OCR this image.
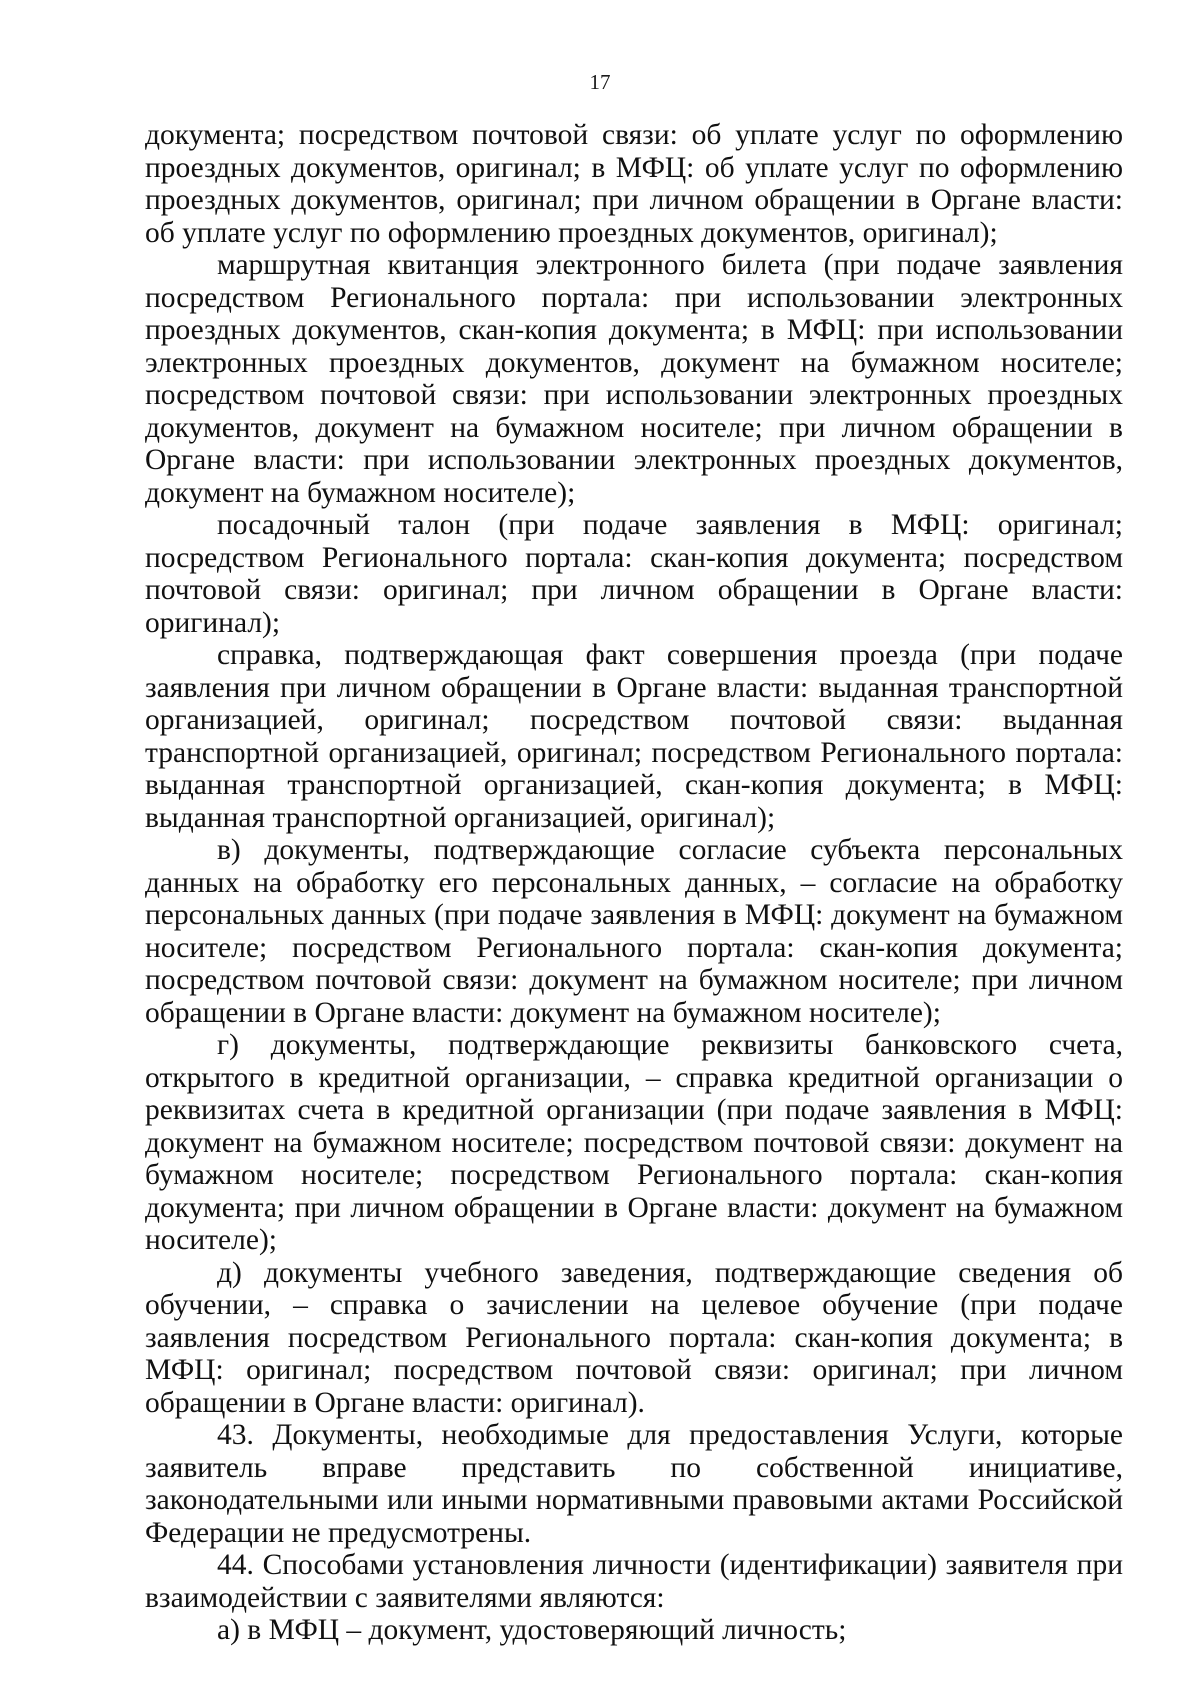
17

документа; посредством почтовой связи: об уплате услуг по оформлению проездных документов, оригинал; в МФЦ: об уплате услуг по оформлению проездных документов, оригинал; при личном обращении в Органе власти: об уплате услуг по оформлению проездных документов, оригинал);

маршрутная квитанция электронного билета (при подаче заявления посредством Регионального портала: при использовании электронных проездных документов, скан-копия документа; в МФЦ: при использовании электронных проездных документов, документ на бумажном носителе; посредством почтовой связи: при использовании электронных проездных документов, документ на бумажном носителе; при личном обращении в Органе власти: при использовании электронных проездных документов, документ на бумажном носителе);

посадочный талон (при подаче заявления в МФЦ: оригинал; посредством Регионального портала: скан-копия документа; посредством почтовой связи: оригинал; при личном обращении в Органе власти: оригинал);

справка, подтверждающая факт совершения проезда (при подаче заявления при личном обращении в Органе власти: выданная транспортной организацией, оригинал; посредством почтовой связи: выданная транспортной организацией, оригинал; посредством Регионального портала: выданная транспортной организацией, скан-копия документа; в МФЦ: выданная транспортной организацией, оригинал);

в) документы, подтверждающие согласие субъекта персональных данных на обработку его персональных данных, – согласие на обработку персональных данных (при подаче заявления в МФЦ: документ на бумажном носителе; посредством Регионального портала: скан-копия документа; посредством почтовой связи: документ на бумажном носителе; при личном обращении в Органе власти: документ на бумажном носителе);

г) документы, подтверждающие реквизиты банковского счета, открытого в кредитной организации, – справка кредитной организации о реквизитах счета в кредитной организации (при подаче заявления в МФЦ: документ на бумажном носителе; посредством почтовой связи: документ на бумажном носителе; посредством Регионального портала: скан-копия документа; при личном обращении в Органе власти: документ на бумажном носителе);

д) документы учебного заведения, подтверждающие сведения об обучении, – справка о зачислении на целевое обучение (при подаче заявления посредством Регионального портала: скан-копия документа; в МФЦ: оригинал; посредством почтовой связи: оригинал; при личном обращении в Органе власти: оригинал).

43. Документы, необходимые для предоставления Услуги, которые заявитель вправе представить по собственной инициативе, законодательными или иными нормативными правовыми актами Российской Федерации не предусмотрены.

44. Способами установления личности (идентификации) заявителя при взаимодействии с заявителями являются:

а) в МФЦ – документ, удостоверяющий личность;
